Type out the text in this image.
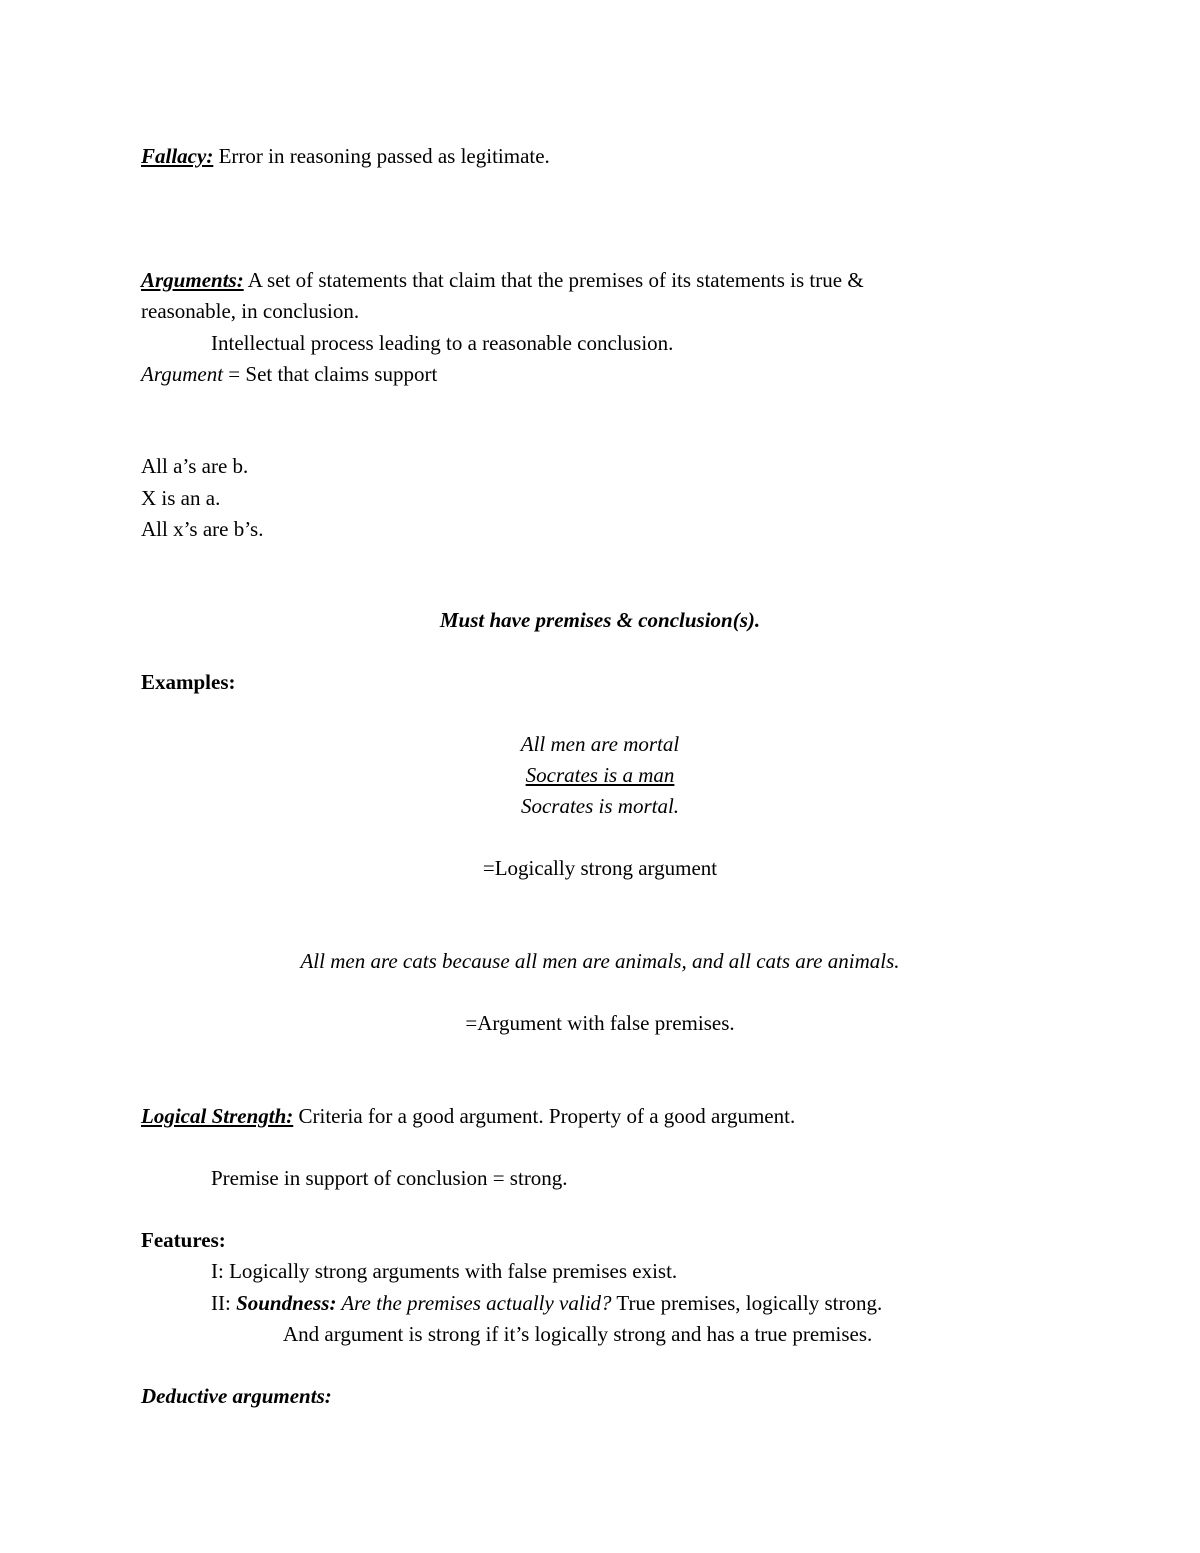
Fallacy: Error in reasoning passed as legitimate.
Arguments: A set of statements that claim that the premises of its statements is true &
reasonable, in conclusion.
Intellectual process leading to a reasonable conclusion.
Argument = Set that claims support
All a’s are b.
X is an a.
All x’s are b’s.
Must have premises & conclusion(s).
Examples:
All men are mortal
Socrates is a man
Socrates is mortal.
=Logically strong argument
All men are cats because all men are animals, and all cats are animals.
=Argument with false premises.
Logical Strength: Criteria for a good argument. Property of a good argument.
Premise in support of conclusion = strong.
Features:
I: Logically strong arguments with false premises exist.
II: Soundness: Are the premises actually valid? True premises, logically strong.
And argument is strong if it’s logically strong and has a true premises.
Deductive arguments:
